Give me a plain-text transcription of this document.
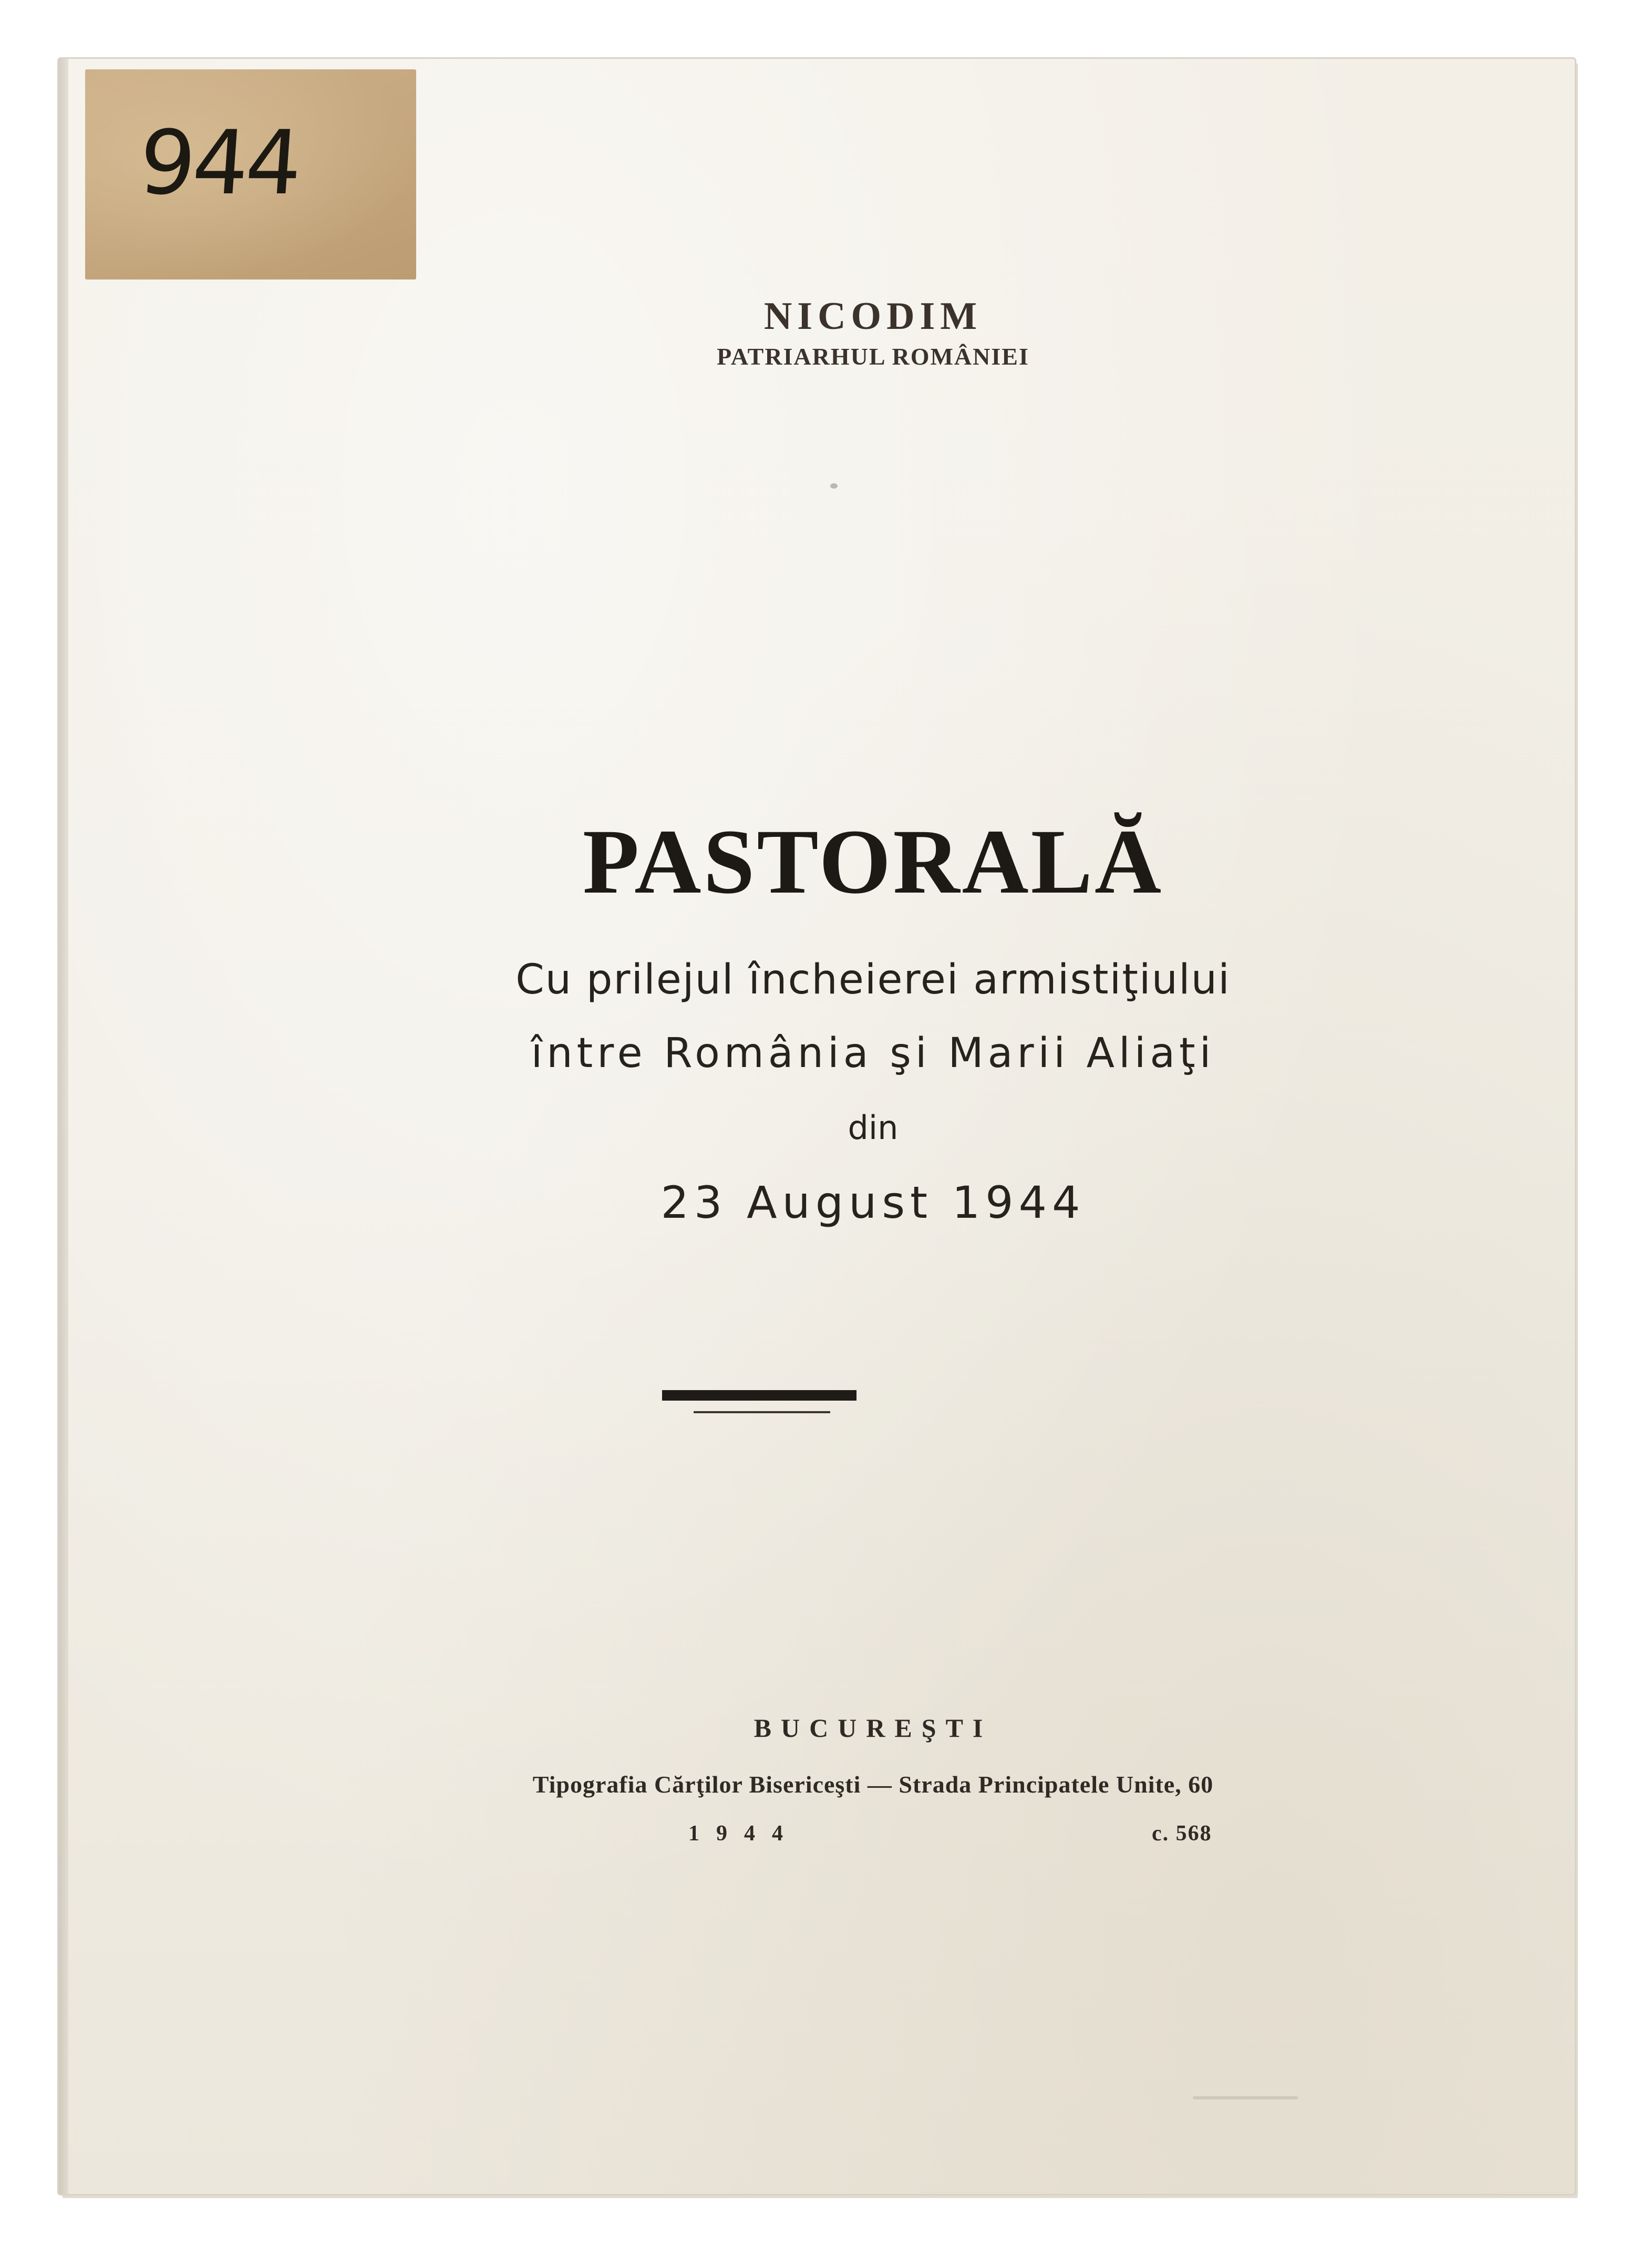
944
NICODIM
PATRIARHUL ROMÂNIEI
PASTORALĂ
Cu prilejul încheierei armistiţiului
între România şi Marii Aliaţi
din
23 August 1944
BUCUREŞTI
Tipografia Cărţilor Bisericeşti — Strada Principatele Unite, 60
1944	c. 568
